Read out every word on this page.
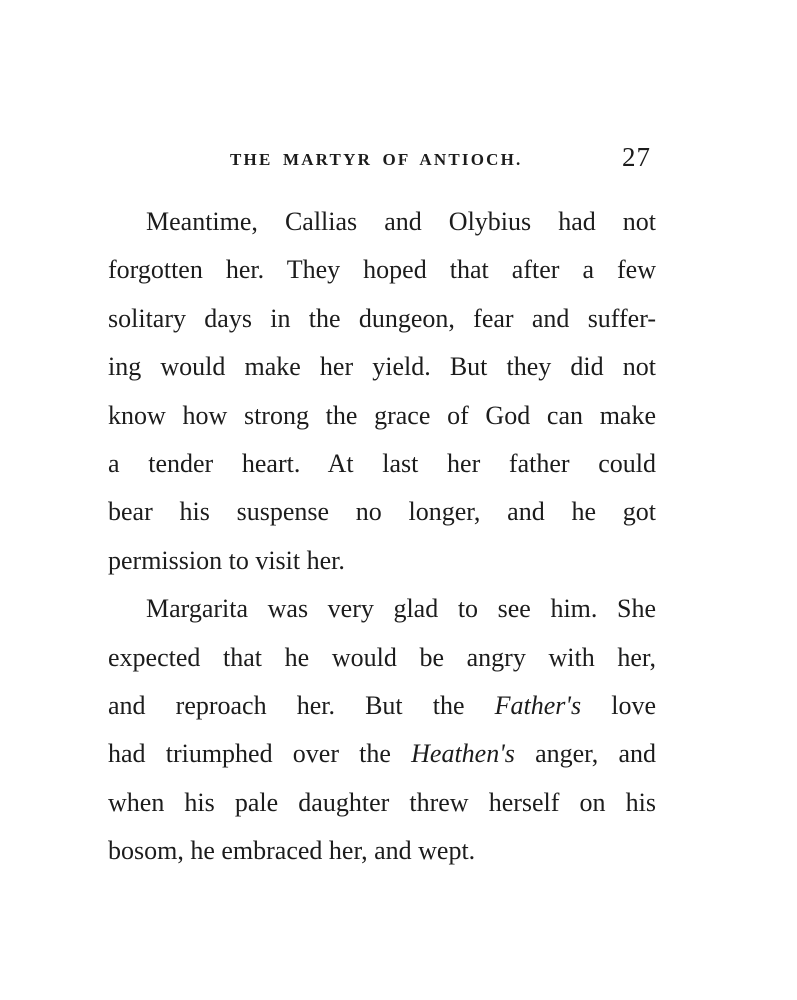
THE MARTYR OF ANTIOCH.	27
Meantime, Callias and Olybius had not
forgotten her. They hoped that after a few
solitary days in the dungeon, fear and suffer-
ing would make her yield. But they did not
know how strong the grace of God can make
a tender heart. At last her father could
bear his suspense no longer, and he got
permission to visit her.
Margarita was very glad to see him. She
expected that he would be angry with her,
and reproach her. But the Father's love
had triumphed over the Heathen's anger, and
when his pale daughter threw herself on his
bosom, he embraced her, and wept.
